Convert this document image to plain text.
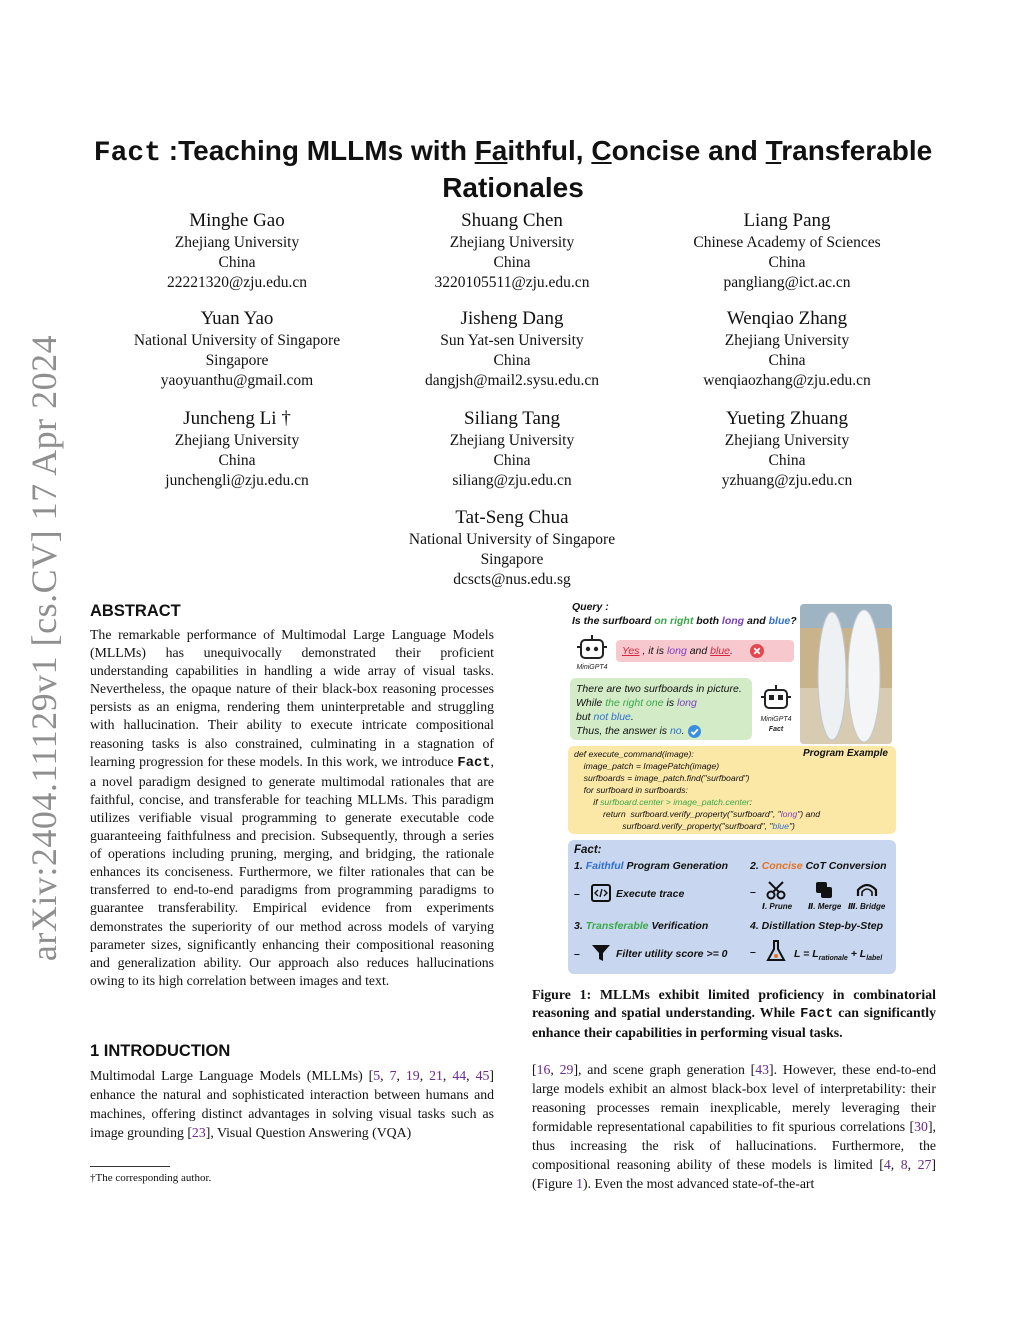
arXiv:2404.11129v1 [cs.CV] 17 Apr 2024
Fact :Teaching MLLMs with Faithful, Concise and Transferable
Rationales
Minghe Gao
Zhejiang University
China
22221320@zju.edu.cn
Shuang Chen
Zhejiang University
China
3220105511@zju.edu.cn
Liang Pang
Chinese Academy of Sciences
China
pangliang@ict.ac.cn
Yuan Yao
National University of Singapore
Singapore
yaoyuanthu@gmail.com
Jisheng Dang
Sun Yat-sen University
China
dangjsh@mail2.sysu.edu.cn
Wenqiao Zhang
Zhejiang University
China
wenqiaozhang@zju.edu.cn
Juncheng Li †
Zhejiang University
China
junchengli@zju.edu.cn
Siliang Tang
Zhejiang University
China
siliang@zju.edu.cn
Yueting Zhuang
Zhejiang University
China
yzhuang@zju.edu.cn
Tat-Seng Chua
National University of Singapore
Singapore
dcscts@nus.edu.sg
ABSTRACT
The remarkable performance of Multimodal Large Language Models (MLLMs) has unequivocally demonstrated their proficient understanding capabilities in handling a wide array of visual tasks. Nevertheless, the opaque nature of their black-box reasoning processes persists as an enigma, rendering them uninterpretable and struggling with hallucination. Their ability to execute intricate compositional reasoning tasks is also constrained, culminating in a stagnation of learning progression for these models. In this work, we introduce Fact, a novel paradigm designed to generate multimodal rationales that are faithful, concise, and transferable for teaching MLLMs. This paradigm utilizes verifiable visual programming to generate executable code guaranteeing faithfulness and precision. Subsequently, through a series of operations including pruning, merging, and bridging, the rationale enhances its conciseness. Furthermore, we filter rationales that can be transferred to end-to-end paradigms from programming paradigms to guarantee transferability. Empirical evidence from experiments demonstrates the superiority of our method across models of varying parameter sizes, significantly enhancing their compositional reasoning and generalization ability. Our approach also reduces hallucinations owing to its high correlation between images and text.
1 INTRODUCTION
Multimodal Large Language Models (MLLMs) [5, 7, 19, 21, 44, 45] enhance the natural and sophisticated interaction between humans and machines, offering distinct advantages in solving visual tasks such as image grounding [23], Visual Question Answering (VQA)
†The corresponding author.
Query :
Is the surfboard on right both long and blue?
MiniGPT4
Yes , it is long and blue.
There are two surfboards in picture.
While the right one is long
but not blue.
Thus, the answer is no.
MiniGPT4
Fact
Program Example
def execute_command(image):
image_patch = ImagePatch(image)
surfboards = image_patch.find("surfboard")
for surfboard in surfboards:
if surfboard.center > image_patch.center:
return  surfboard.verify_property("surfboard", "long") and
surfboard.verify_property("surfboard", "blue")
Fact:
1. Faithful Program Generation 2. Concise CoT Conversion
–	Execute trace	–
Ⅰ. Prune Ⅱ. Merge Ⅲ. Bridge
3. Transferable Verification	4. Distillation Step-by-Step
–	Filter utility score >= 0 –	$L = L_{rationale} + L_{label}$
Figure 1: MLLMs exhibit limited proficiency in combinatorial reasoning and spatial understanding. While Fact can significantly enhance their capabilities in performing visual tasks.
[16, 29], and scene graph generation [43]. However, these end-to-end large models exhibit an almost black-box level of interpretability: their reasoning processes remain inexplicable, merely leveraging their formidable representational capabilities to fit spurious correlations [30], thus increasing the risk of hallucinations. Furthermore, the compositional reasoning ability of these models is limited [4, 8, 27] (Figure 1). Even the most advanced state-of-the-art
